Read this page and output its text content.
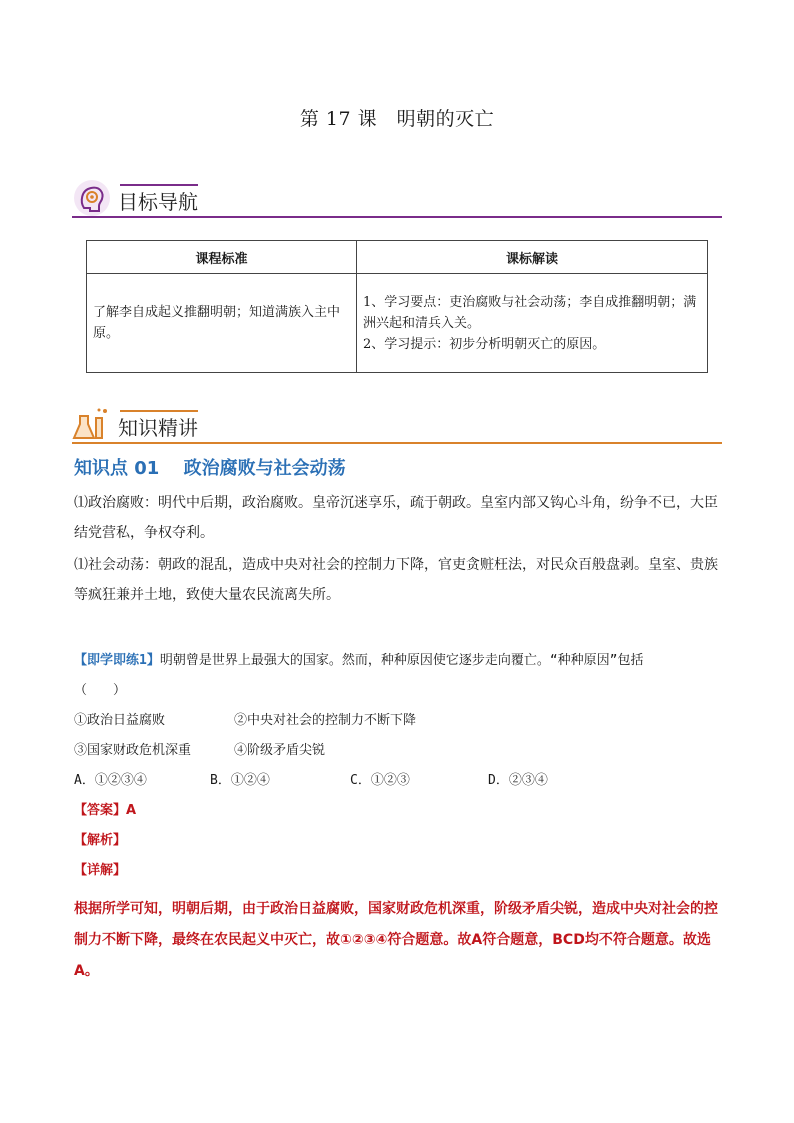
第 17 课　明朝的灭亡
目标导航
课程标准	课标解读
了解李自成起义推翻明朝；知道满族入主中原。	1、学习要点：吏治腐败与社会动荡；李自成推翻明朝；满洲兴起和清兵入关。
2、学习提示：初步分析明朝灭亡的原因。
知识精讲
知识点 01　 政治腐败与社会动荡
⑴政治腐败：明代中后期，政治腐败。皇帝沉迷享乐，疏于朝政。皇室内部又钩心斗角，纷争不已，大臣结党营私，争权夺利。
⑴社会动荡：朝政的混乱，造成中央对社会的控制力下降，官吏贪赃枉法，对民众百般盘剥。皇室、贵族等疯狂兼并土地，致使大量农民流离失所。
【即学即练1】明朝曾是世界上最强大的国家。然而，种种原因使它逐步走向覆亡。“种种原因”包括
（　　）
①政治日益腐败	②中央对社会的控制力不断下降
③国家财政危机深重	④阶级矛盾尖锐
A．①②③④	B．①②④	C．①②③	D．②③④
【答案】A
【解析】
【详解】
根据所学可知，明朝后期，由于政治日益腐败，国家财政危机深重，阶级矛盾尖锐，造成中央对社会的控制力不断下降，最终在农民起义中灭亡，故①②③④符合题意。故A符合题意，BCD均不符合题意。故选A。
